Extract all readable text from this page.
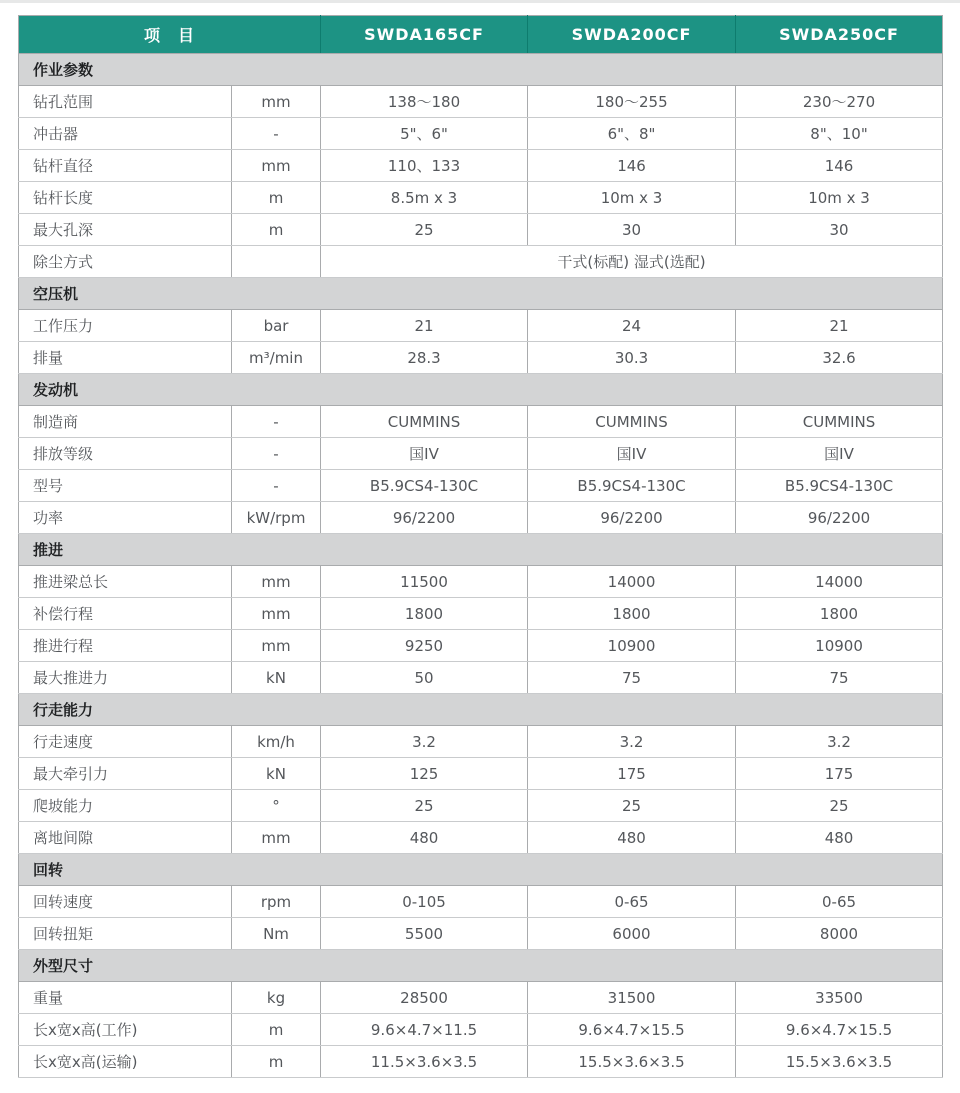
项　目		SWDA165CF	SWDA200CF	SWDA250CF
作业参数				
钻孔范围	mm	138～180	180～255	230～270
冲击器	-	5"、6"	6"、8"	8"、10"
钻杆直径	mm	110、133	146	146
钻杆长度	m	8.5m x 3	10m x 3	10m x 3
最大孔深	m	25	30	30
除尘方式		干式(标配) 湿式(选配)		
空压机				
工作压力	bar	21	24	21
排量	m³/min	28.3	30.3	32.6
发动机				
制造商	-	CUMMINS	CUMMINS	CUMMINS
排放等级	-	国IV	国IV	国IV
型号	-	B5.9CS4-130C	B5.9CS4-130C	B5.9CS4-130C
功率	kW/rpm	96/2200	96/2200	96/2200
推进				
推进梁总长	mm	11500	14000	14000
补偿行程	mm	1800	1800	1800
推进行程	mm	9250	10900	10900
最大推进力	kN	50	75	75
行走能力				
行走速度	km/h	3.2	3.2	3.2
最大牵引力	kN	125	175	175
爬坡能力	°	25	25	25
离地间隙	mm	480	480	480
回转				
回转速度	rpm	0-105	0-65	0-65
回转扭矩	Nm	5500	6000	8000
外型尺寸				
重量	kg	28500	31500	33500
长x宽x高(工作)	m	9.6×4.7×11.5	9.6×4.7×15.5	9.6×4.7×15.5
长x宽x高(运输)	m	11.5×3.6×3.5	15.5×3.6×3.5	15.5×3.6×3.5
